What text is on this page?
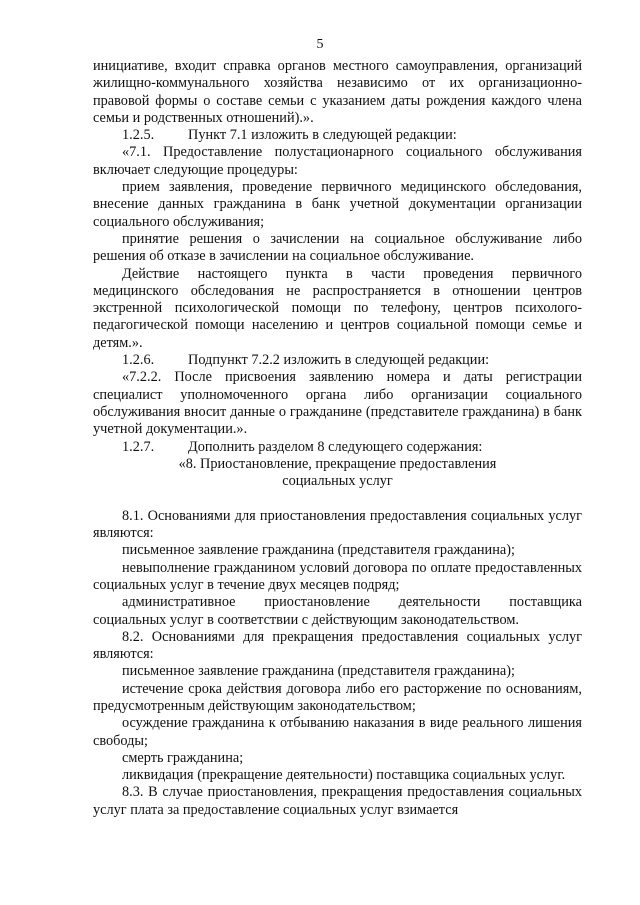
5

инициативе, входит справка органов местного самоуправления, организаций жилищно-коммунального хозяйства независимо от их организационно-правовой формы о составе семьи с указанием даты рождения каждого члена семьи и родственных отношений).».

1.2.5. Пункт 7.1 изложить в следующей редакции:

«7.1. Предоставление полустационарного социального обслуживания включает следующие процедуры:

прием заявления, проведение первичного медицинского обследования, внесение данных гражданина в банк учетной документации организации социального обслуживания;

принятие решения о зачислении на социальное обслуживание либо решения об отказе в зачислении на социальное обслуживание.

Действие настоящего пункта в части проведения первичного медицинского обследования не распространяется в отношении центров экстренной психологической помощи по телефону, центров психолого-педагогической помощи населению и центров социальной помощи семье и детям.».

1.2.6. Подпункт 7.2.2 изложить в следующей редакции:

«7.2.2. После присвоения заявлению номера и даты регистрации специалист уполномоченного органа либо организации социального обслуживания вносит данные о гражданине (представителе гражданина) в банк учетной документации.».

1.2.7. Дополнить разделом 8 следующего содержания:

«8. Приостановление, прекращение предоставления

социальных услуг

8.1. Основаниями для приостановления предоставления социальных услуг являются:

письменное заявление гражданина (представителя гражданина);

невыполнение гражданином условий договора по оплате предоставленных социальных услуг в течение двух месяцев подряд;

административное приостановление деятельности поставщика социальных услуг в соответствии с действующим законодательством.

8.2. Основаниями для прекращения предоставления социальных услуг являются:

письменное заявление гражданина (представителя гражданина);

истечение срока действия договора либо его расторжение по основаниям, предусмотренным действующим законодательством;

осуждение гражданина к отбыванию наказания в виде реального лишения свободы;

смерть гражданина;

ликвидация (прекращение деятельности) поставщика социальных услуг.

8.3. В случае приостановления, прекращения предоставления социальных услуг плата за предоставление социальных услуг взимается
